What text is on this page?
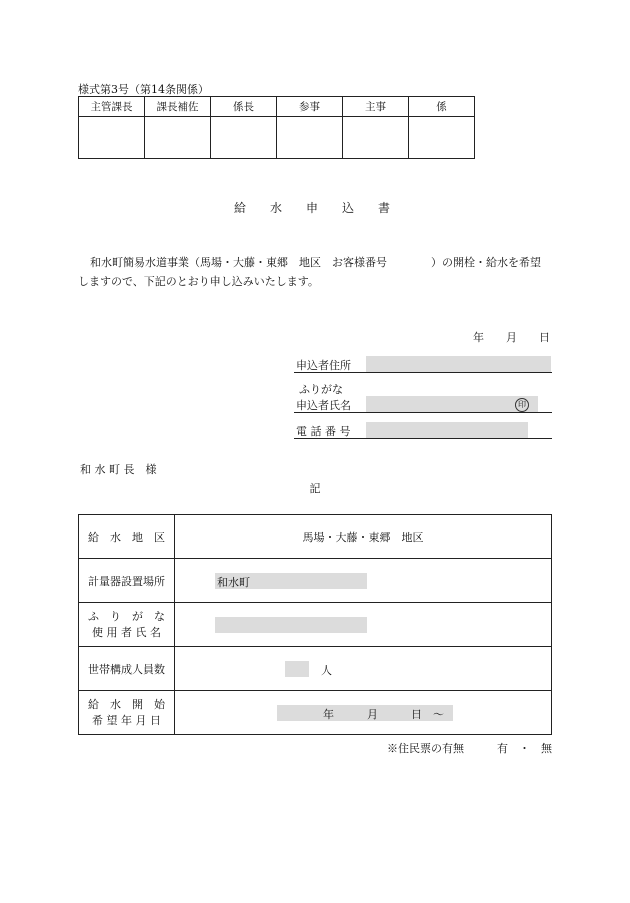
様式第3号（第14条関係）
主管課長	課長補佐	係長	参事	主事	係

給　水　申　込　書
和水町簡易水道事業（馬場・大藤・東郷　地区　お客様番号　　　　）の開栓・給水を希望
しますので、下記のとおり申し込みいたします。
年　　月　　日
申込者住所
ふりがな
申込者氏名	印
電 話 番 号
和 水 町 長　様
記
給　水　地　区	馬場・大藤・東郷　地区
計量器設置場所	和水町

ふ　り　が　な
使 用 者 氏 名	

世帯構成人員数	人

給　水　開　始
希 望 年 月 日	年　　　月　　　日　～
※住民票の有無　　　有　・　無
